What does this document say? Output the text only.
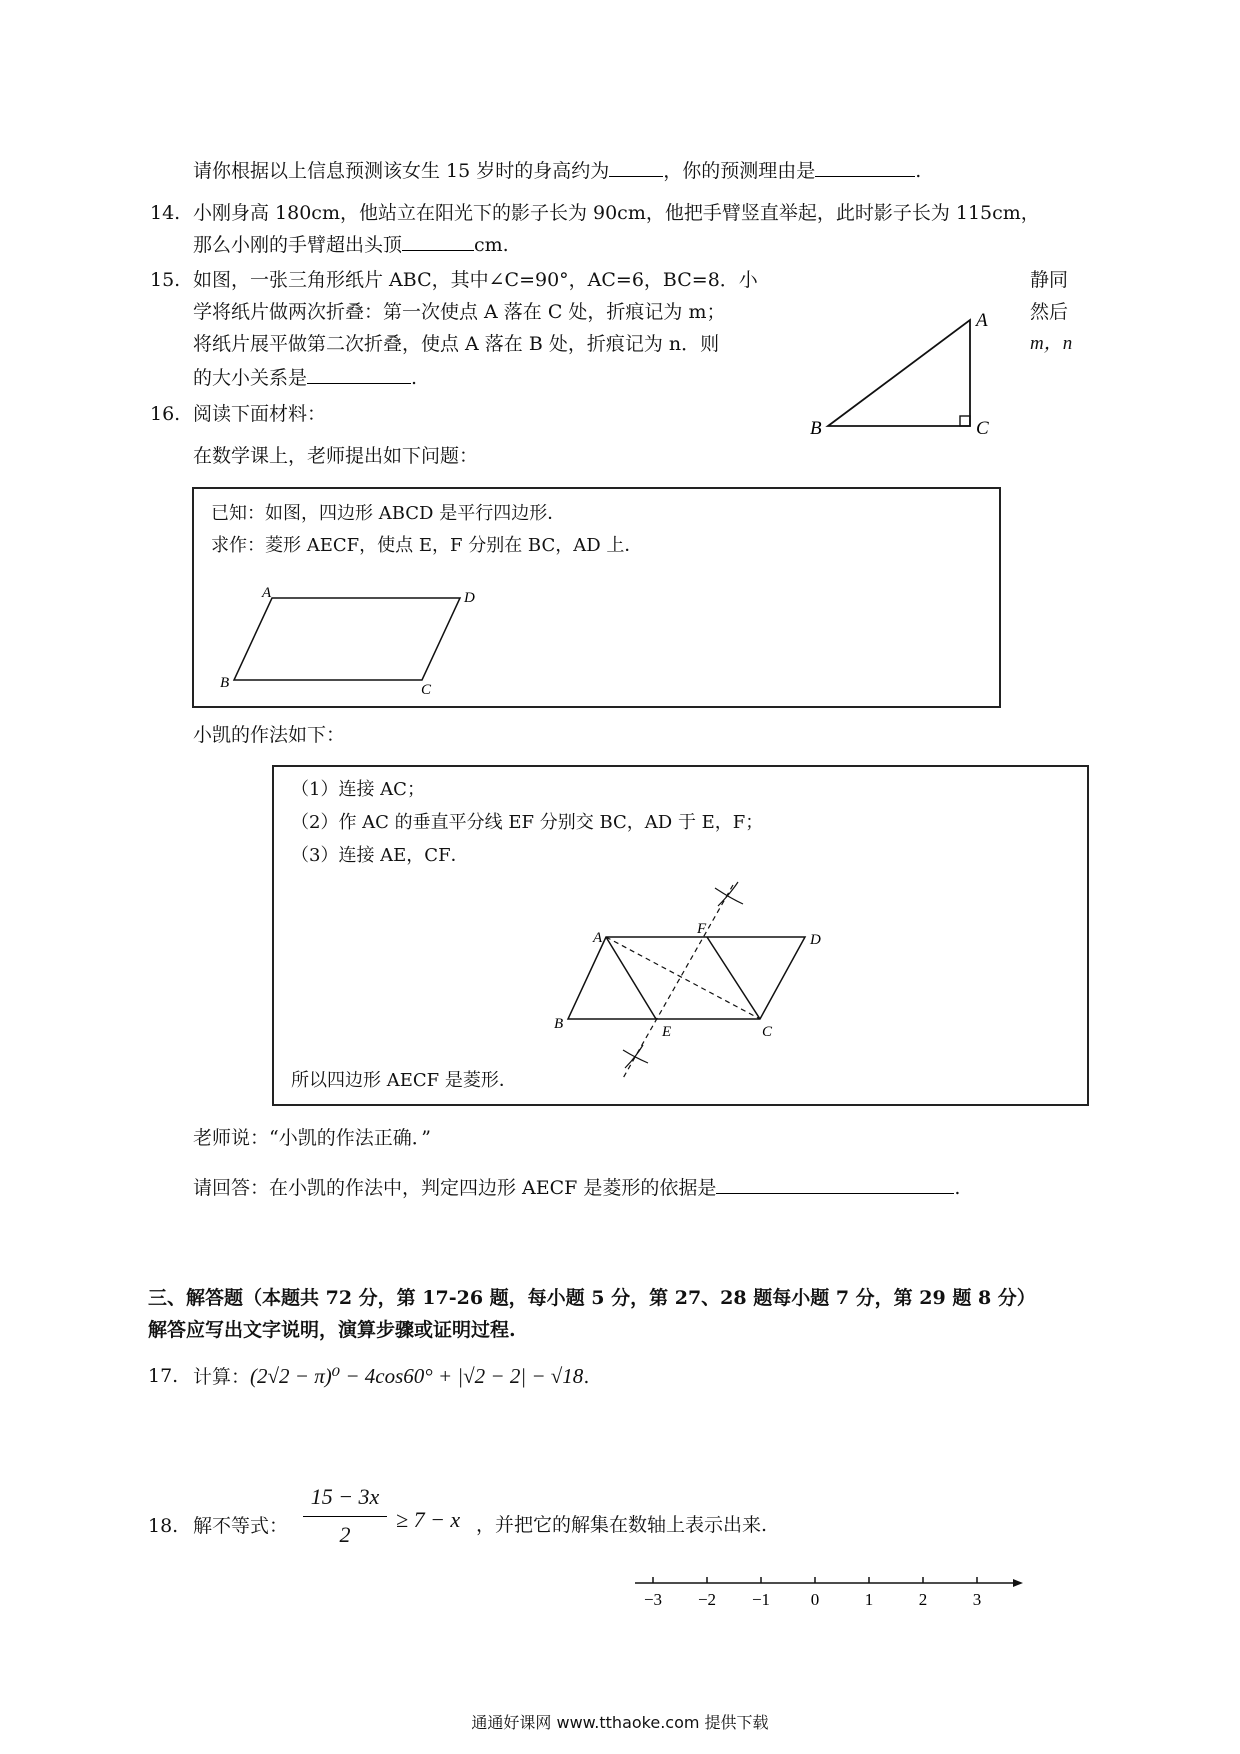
请你根据以上信息预测该女生 15 岁时的身高约为	，你的预测理由是	.
14. 小刚身高 180cm，他站立在阳光下的影子长为 90cm，他把手臂竖直举起，此时影子长为 115cm，
那么小刚的手臂超出头顶	cm.
15. 如图，一张三角形纸片 ABC，其中∠C=90°，AC=6，BC=8．小	静同
学将纸片做两次折叠：第一次使点 A 落在 C 处，折痕记为 m；	然后
将纸片展平做第二次折叠，使点 A 落在 B 处，折痕记为 n．则	m，n
的大小关系是	.
A
B	C
16. 阅读下面材料：
在数学课上，老师提出如下问题：
已知：如图，四边形 ABCD 是平行四边形．
求作：菱形 AECF，使点 E，F 分别在 BC，AD 上．
A	D
B	C
小凯的作法如下：
（1）连接 AC；
（2）作 AC 的垂直平分线 EF 分别交 BC，AD 于 E，F；
（3）连接 AE，CF．
A
F
D
B	E	C
所以四边形 AECF 是菱形．
老师说：“小凯的作法正确．”
请回答：在小凯的作法中，判定四边形 AECF 是菱形的依据是	.
三、解答题（本题共 72 分，第 17-26 题，每小题 5 分，第 27、28 题每小题 7 分，第 29 题 8 分）
解答应写出文字说明，演算步骤或证明过程.
17. 计算：(2√2 − π)⁰ − 4cos60° + |√2 − 2| − √18.
18. 解不等式：
15 − 3x
2
≥ 7 − x ，并把它的解集在数轴上表示出来.
−3 −2 −1 0	1	2	3
通通好课网 www.tthaoke.com 提供下载
